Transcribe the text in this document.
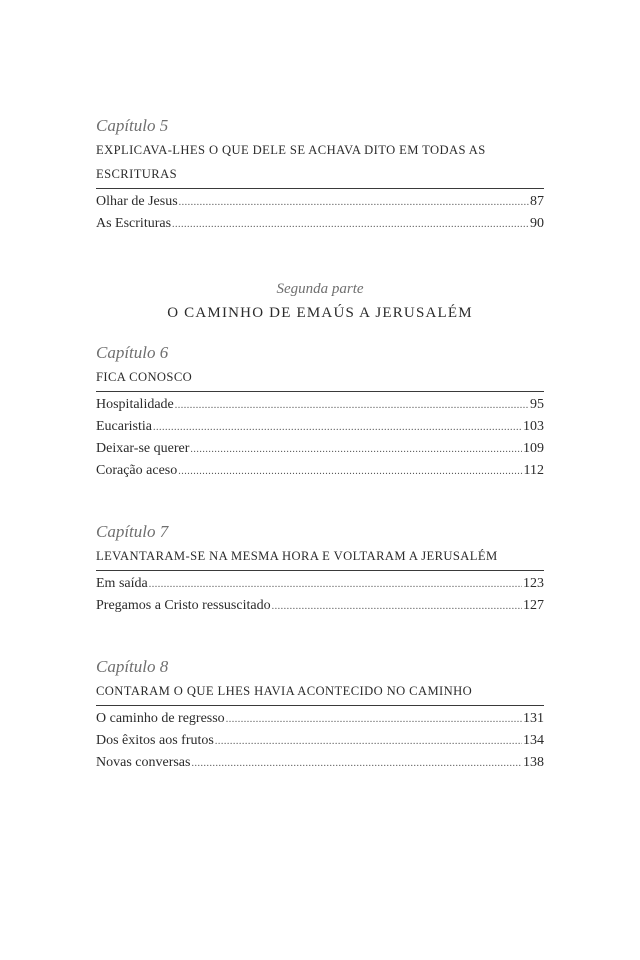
Capítulo 5
EXPLICAVA-LHES O QUE DELE SE ACHAVA DITO EM TODAS AS
ESCRITURAS
Olhar de Jesus .....	87
As Escrituras .....	90
Segunda parte
O CAMINHO DE EMAÚS A JERUSALÉM
Capítulo 6
FICA CONOSCO
Hospitalidade .....	95
Eucaristia .....	103
Deixar-se querer .....	109
Coração aceso .....	112
Capítulo 7
LEVANTARAM-SE NA MESMA HORA E VOLTARAM A JERUSALÉM
Em saída .....	123
Pregamos a Cristo ressuscitado .....	127
Capítulo 8
CONTARAM O QUE LHES HAVIA ACONTECIDO NO CAMINHO
O caminho de regresso .....	131
Dos êxitos aos frutos .....	134
Novas conversas .....	138
